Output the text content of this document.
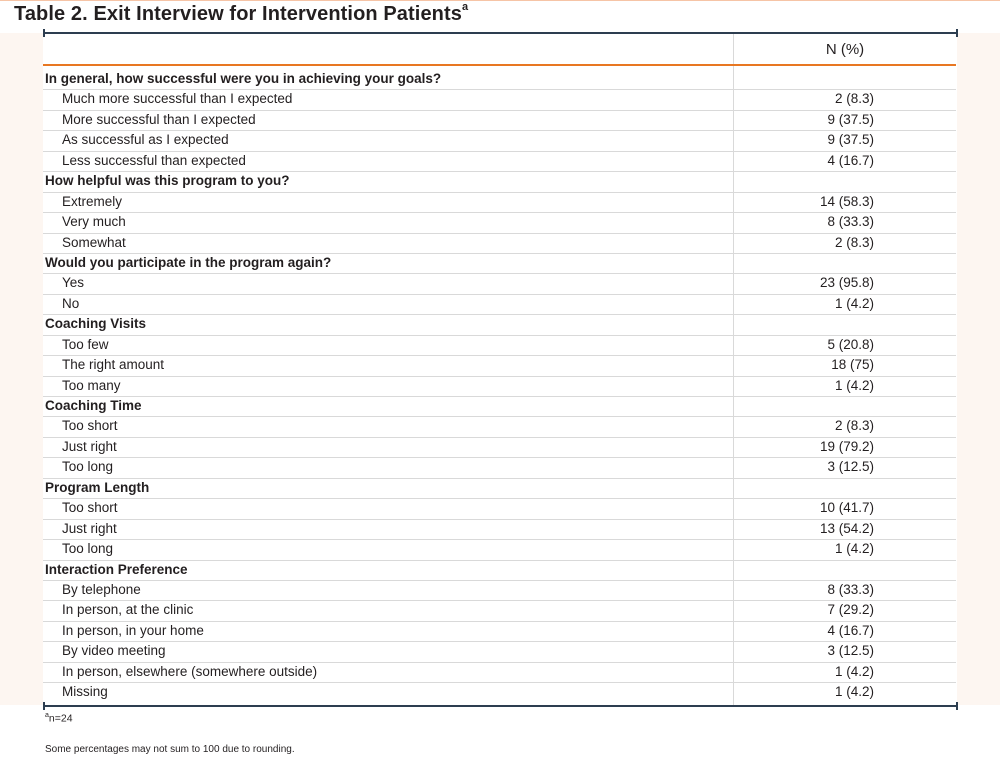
Table 2. Exit Interview for Intervention Patients$^a$
N (%)
In general, how successful were you in achieving your goals?
Much more successful than I expected	2 (8.3)
More successful than I expected	9 (37.5)
As successful as I expected	9 (37.5)
Less successful than expected	4 (16.7)
How helpful was this program to you?
Extremely	14 (58.3)
Very much	8 (33.3)
Somewhat	2 (8.3)
Would you participate in the program again?
Yes	23 (95.8)
No	1 (4.2)
Coaching Visits
Too few	5 (20.8)
The right amount	18 (75)
Too many	1 (4.2)
Coaching Time
Too short	2 (8.3)
Just right	19 (79.2)
Too long	3 (12.5)
Program Length
Too short	10 (41.7)
Just right	13 (54.2)
Too long	1 (4.2)
Interaction Preference
By telephone	8 (33.3)
In person, at the clinic	7 (29.2)
In person, in your home	4 (16.7)
By video meeting	3 (12.5)
In person, elsewhere (somewhere outside)	1 (4.2)
Missing	1 (4.2)
$^a$n=24
Some percentages may not sum to 100 due to rounding.
